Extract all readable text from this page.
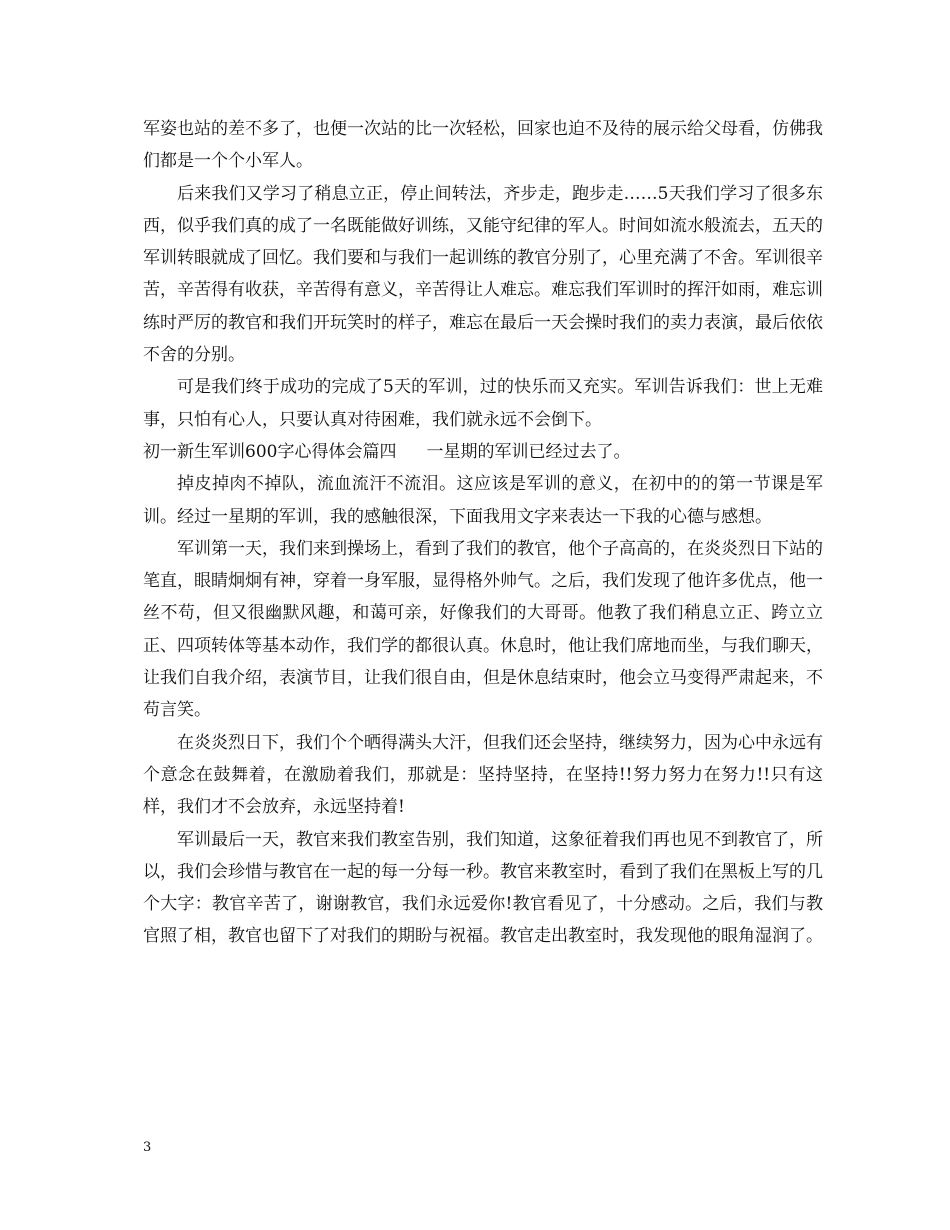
军姿也站的差不多了，也便一次站的比一次轻松，回家也迫不及待的展示给父母看，仿佛我们都是一个个小军人。

后来我们又学习了稍息立正，停止间转法，齐步走，跑步走……5天我们学习了很多东西，似乎我们真的成了一名既能做好训练，又能守纪律的军人。时间如流水般流去，五天的军训转眼就成了回忆。我们要和与我们一起训练的教官分别了，心里充满了不舍。军训很辛苦，辛苦得有收获，辛苦得有意义，辛苦得让人难忘。难忘我们军训时的挥汗如雨，难忘训练时严厉的教官和我们开玩笑时的样子，难忘在最后一天会操时我们的卖力表演，最后依依不舍的分别。

可是我们终于成功的完成了5天的军训，过的快乐而又充实。军训告诉我们：世上无难事，只怕有心人，只要认真对待困难，我们就永远不会倒下。

初一新生军训600字心得体会篇四 一星期的军训已经过去了。

掉皮掉肉不掉队，流血流汗不流泪。这应该是军训的意义，在初中的的第一节课是军训。经过一星期的军训，我的感触很深，下面我用文字来表达一下我的心德与感想。

军训第一天，我们来到操场上，看到了我们的教官，他个子高高的，在炎炎烈日下站的笔直，眼睛炯炯有神，穿着一身军服，显得格外帅气。之后，我们发现了他许多优点，他一丝不苟，但又很幽默风趣，和蔼可亲，好像我们的大哥哥。他教了我们稍息立正、跨立立正、四项转体等基本动作，我们学的都很认真。休息时，他让我们席地而坐，与我们聊天，让我们自我介绍，表演节目，让我们很自由，但是休息结束时，他会立马变得严肃起来，不苟言笑。

在炎炎烈日下，我们个个晒得满头大汗，但我们还会坚持，继续努力，因为心中永远有个意念在鼓舞着，在激励着我们，那就是：坚持坚持，在坚持!!努力努力在努力!!只有这样，我们才不会放弃，永远坚持着!

军训最后一天，教官来我们教室告别，我们知道，这象征着我们再也见不到教官了，所以，我们会珍惜与教官在一起的每一分每一秒。教官来教室时，看到了我们在黑板上写的几个大字：教官辛苦了，谢谢教官，我们永远爱你!教官看见了，十分感动。之后，我们与教官照了相，教官也留下了对我们的期盼与祝福。教官走出教室时，我发现他的眼角湿润了。

3
